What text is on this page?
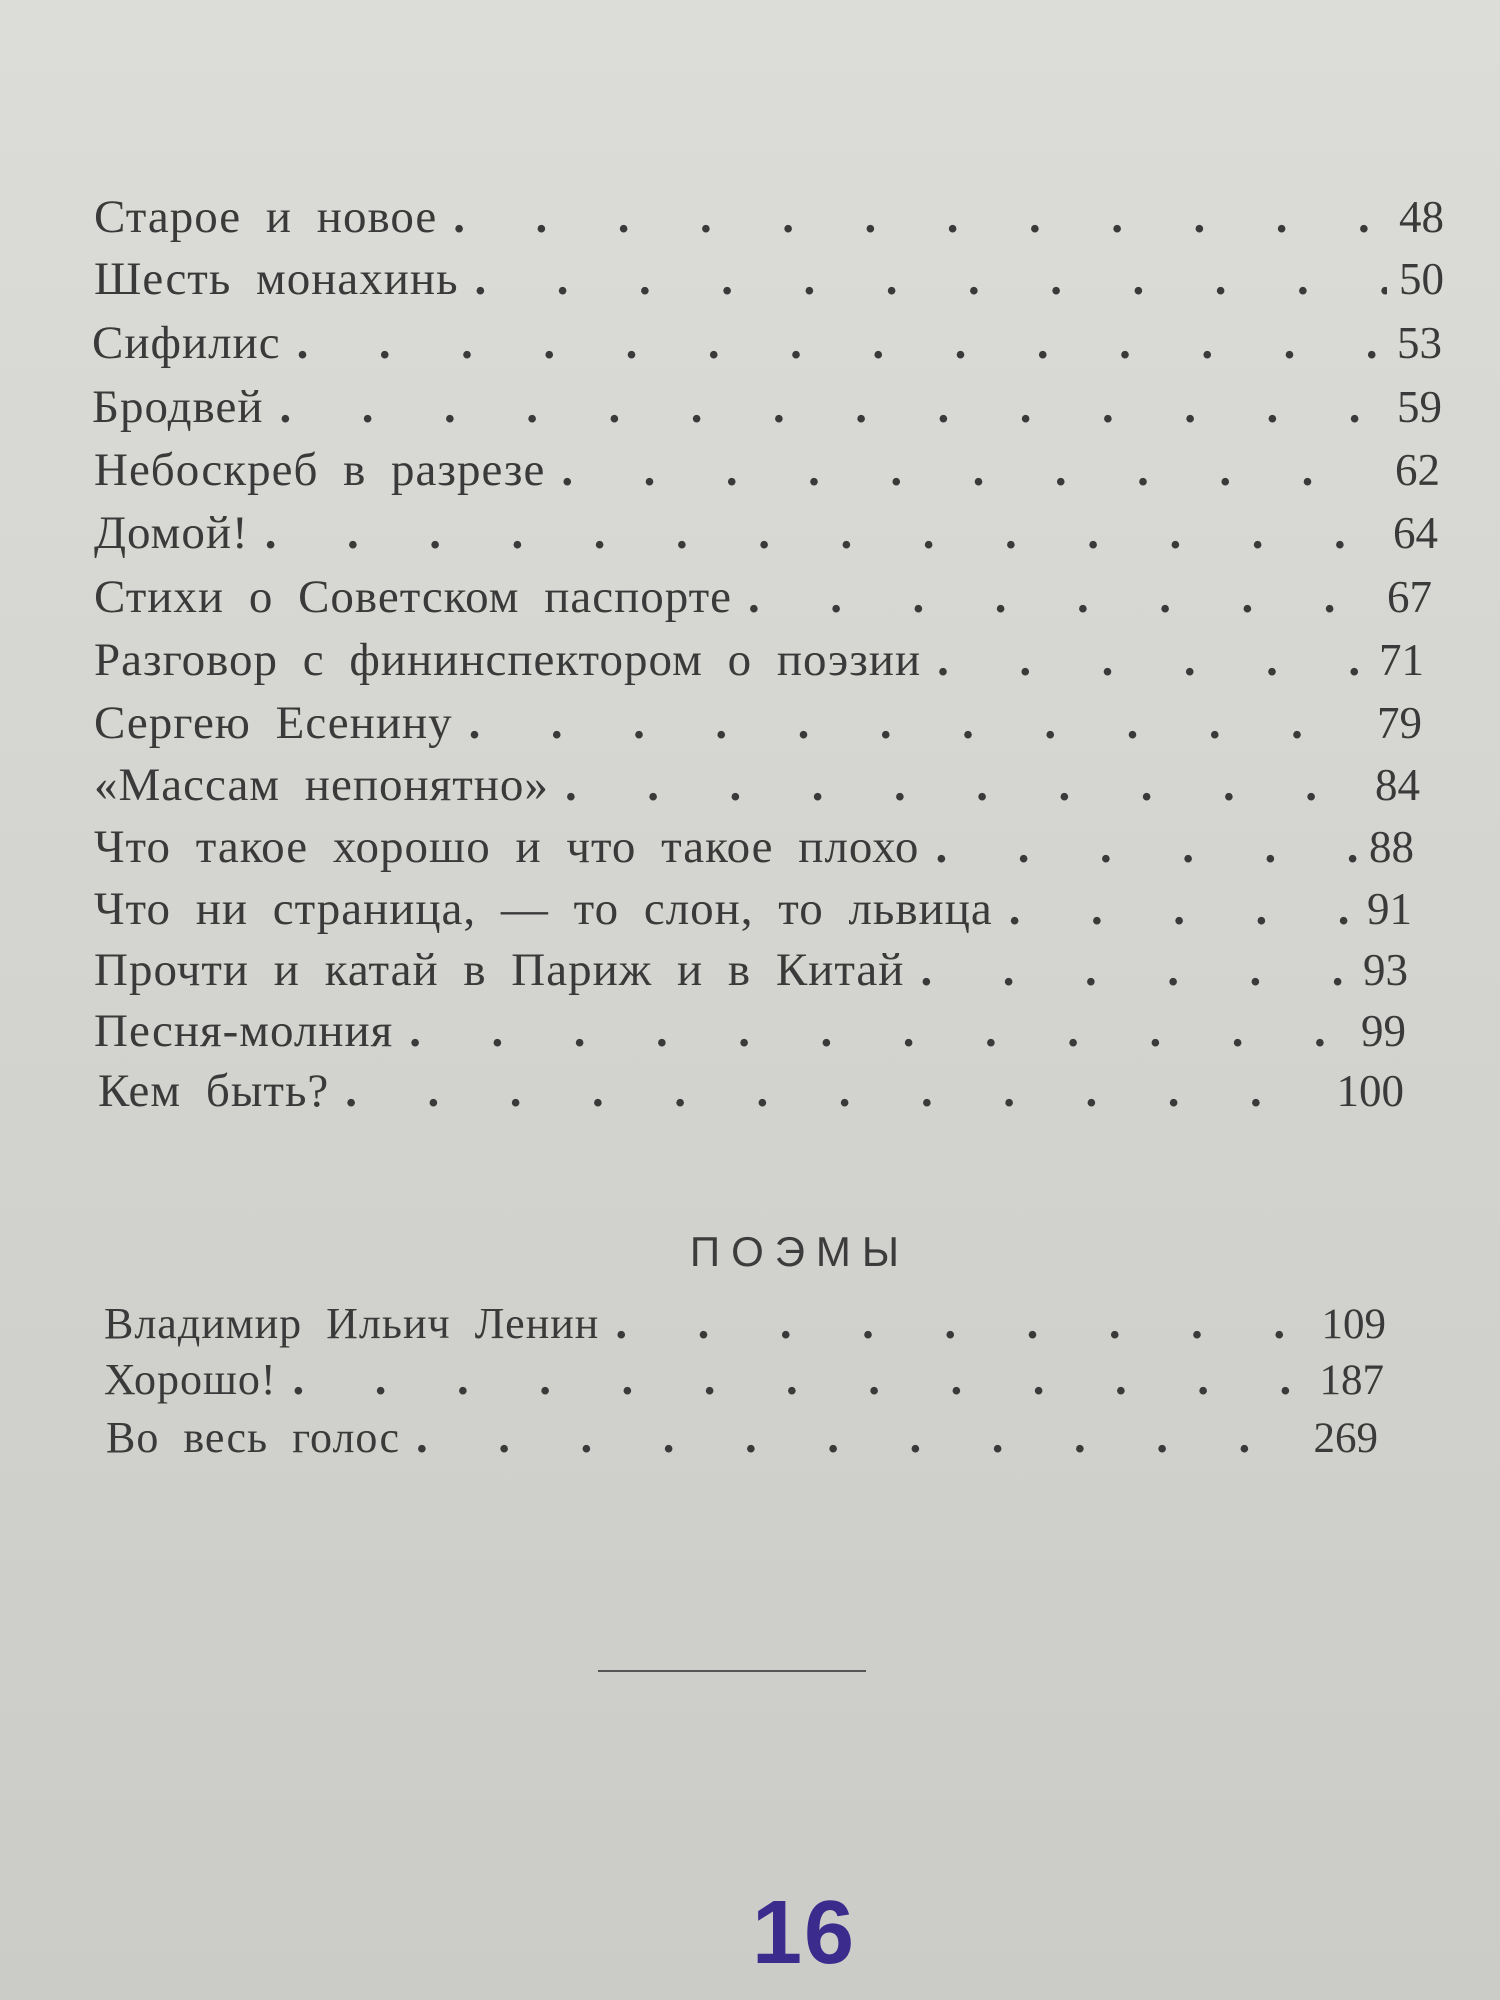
Старое и новое .	48
Шесть монахинь .	50
Сифилис .	53
Бродвей .	59
Небоскреб в разрезе .	62
Домой! .	64
Стихи о Советском паспорте .	67
Разговор с фининспектором о поэзии .	71
Сергею Есенину .	79
«Массам непонятно» .	84
Что такое хорошо и что такое плохо .	88
Что ни страница, — то слон, то львица .	91
Прочти и катай в Париж и в Китай .	93
Песня-молния .	99
Кем быть? .	100
ПОЭМЫ
Владимир Ильич Ленин .	109
Хорошо! .	187
Во весь голос .	269
16
